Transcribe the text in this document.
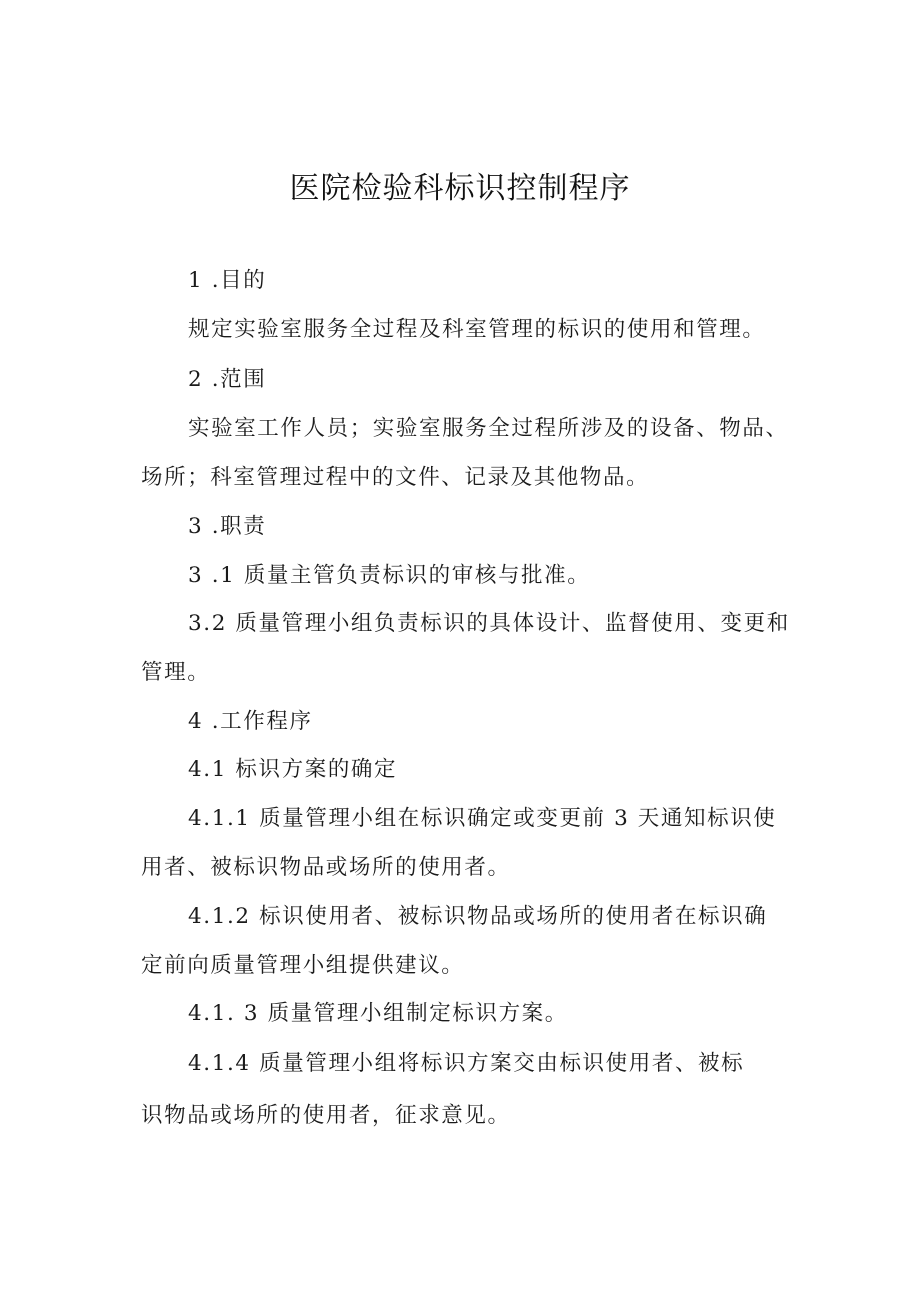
医院检验科标识控制程序
1 .目的
规定实验室服务全过程及科室管理的标识的使用和管理。
2 .范围
实验室工作人员；实验室服务全过程所涉及的设备、物品、
场所；科室管理过程中的文件、记录及其他物品。
3 .职责
3 .1 质量主管负责标识的审核与批准。
3.2 质量管理小组负责标识的具体设计、监督使用、变更和
管理。
4 .工作程序
4.1 标识方案的确定
4.1.1 质量管理小组在标识确定或变更前 3 天通知标识使
用者、被标识物品或场所的使用者。
4.1.2 标识使用者、被标识物品或场所的使用者在标识确
定前向质量管理小组提供建议。
4.1. 3 质量管理小组制定标识方案。
4.1.4 质量管理小组将标识方案交由标识使用者、被标
识物品或场所的使用者，征求意见。
